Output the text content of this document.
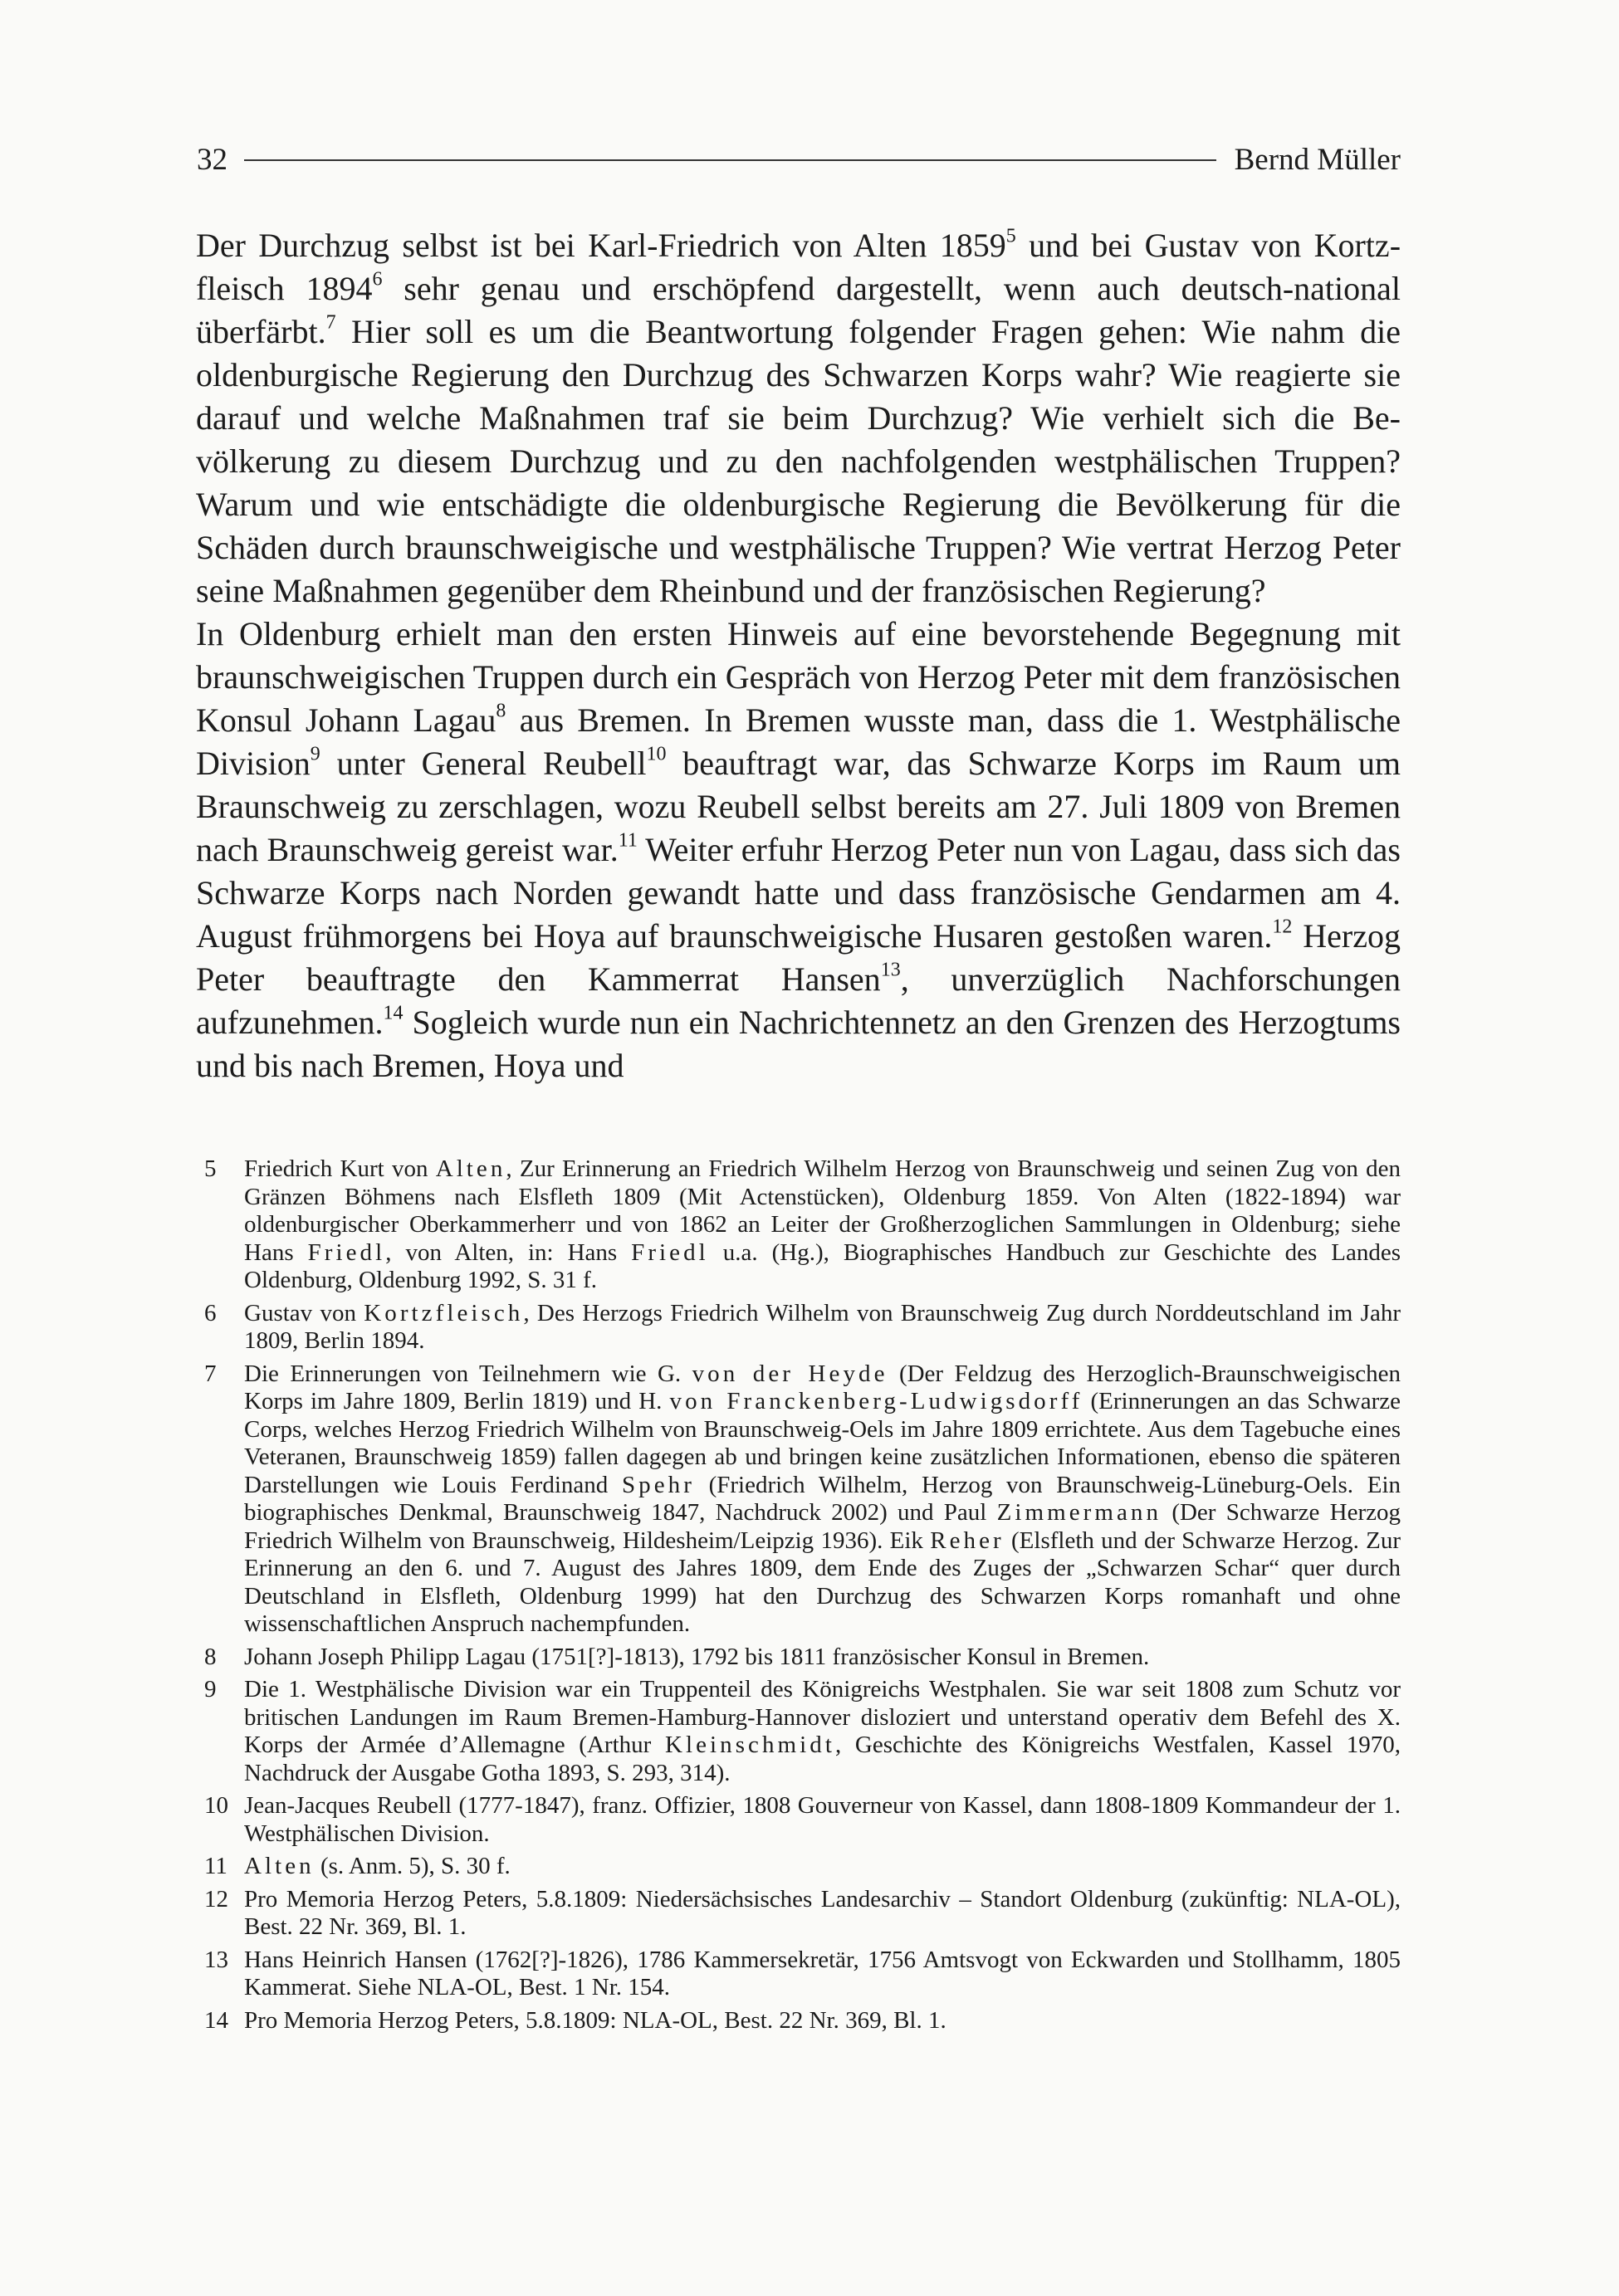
32	Bernd Müller

Der Durchzug selbst ist bei Karl-Friedrich von Alten 1859$^5$ und bei Gustav von Kortzfleisch 1894$^6$ sehr genau und erschöpfend dargestellt, wenn auch deutsch-national überfärbt.$^7$ Hier soll es um die Beantwortung folgender Fragen gehen: Wie nahm die oldenburgische Regierung den Durchzug des Schwarzen Korps wahr? Wie reagierte sie darauf und welche Maßnahmen traf sie beim Durchzug? Wie verhielt sich die Bevölkerung zu diesem Durchzug und zu den nachfolgenden westphälischen Truppen? Warum und wie entschädigte die oldenburgische Regierung die Bevölkerung für die Schäden durch braunschweigische und westphälische Truppen? Wie vertrat Herzog Peter seine Maßnahmen gegenüber dem Rheinbund und der französischen Regierung?

In Oldenburg erhielt man den ersten Hinweis auf eine bevorstehende Begegnung mit braunschweigischen Truppen durch ein Gespräch von Herzog Peter mit dem französischen Konsul Johann Lagau$^8$ aus Bremen. In Bremen wusste man, dass die 1. Westphälische Division$^9$ unter General Reubell$^{10}$ beauftragt war, das Schwarze Korps im Raum um Braunschweig zu zerschlagen, wozu Reubell selbst bereits am 27. Juli 1809 von Bremen nach Braunschweig gereist war.$^{11}$ Weiter erfuhr Herzog Peter nun von Lagau, dass sich das Schwarze Korps nach Norden gewandt hatte und dass französische Gendarmen am 4. August frühmorgens bei Hoya auf braunschweigische Husaren gestoßen waren.$^{12}$ Herzog Peter beauftragte den Kammerrat Hansen$^{13}$, unverzüglich Nachforschungen aufzunehmen.$^{14}$ Sogleich wurde nun ein Nachrichtennetz an den Grenzen des Herzogtums und bis nach Bremen, Hoya und

5	Friedrich Kurt von Alten, Zur Erinnerung an Friedrich Wilhelm Herzog von Braunschweig und seinen Zug von den Gränzen Böhmens nach Elsfleth 1809 (Mit Actenstücken), Oldenburg 1859. Von Alten (1822-1894) war oldenburgischer Oberkammerherr und von 1862 an Leiter der Großherzoglichen Sammlungen in Oldenburg; siehe Hans Friedl, von Alten, in: Hans Friedl u.a. (Hg.), Biographisches Handbuch zur Geschichte des Landes Oldenburg, Oldenburg 1992, S. 31 f.
6	Gustav von Kortzfleisch, Des Herzogs Friedrich Wilhelm von Braunschweig Zug durch Norddeutschland im Jahr 1809, Berlin 1894.
7	Die Erinnerungen von Teilnehmern wie G. von der Heyde (Der Feldzug des Herzoglich-Braunschweigischen Korps im Jahre 1809, Berlin 1819) und H. von Franckenberg-Ludwigsdorff (Erinnerungen an das Schwarze Corps, welches Herzog Friedrich Wilhelm von Braunschweig-Oels im Jahre 1809 errichtete. Aus dem Tagebuche eines Veteranen, Braunschweig 1859) fallen dagegen ab und bringen keine zusätzlichen Informationen, ebenso die späteren Darstellungen wie Louis Ferdinand Spehr (Friedrich Wilhelm, Herzog von Braunschweig-Lüneburg-Oels. Ein biographisches Denkmal, Braunschweig 1847, Nachdruck 2002) und Paul Zimmermann (Der Schwarze Herzog Friedrich Wilhelm von Braunschweig, Hildesheim/Leipzig 1936). Eik Reher (Elsfleth und der Schwarze Herzog. Zur Erinnerung an den 6. und 7. August des Jahres 1809, dem Ende des Zuges der „Schwarzen Schar“ quer durch Deutschland in Elsfleth, Oldenburg 1999) hat den Durchzug des Schwarzen Korps romanhaft und ohne wissenschaftlichen Anspruch nachempfunden.
8	Johann Joseph Philipp Lagau (1751[?]-1813), 1792 bis 1811 französischer Konsul in Bremen.
9	Die 1. Westphälische Division war ein Truppenteil des Königreichs Westphalen. Sie war seit 1808 zum Schutz vor britischen Landungen im Raum Bremen-Hamburg-Hannover disloziert und unterstand operativ dem Befehl des X. Korps der Armée d’Allemagne (Arthur Kleinschmidt, Geschichte des Königreichs Westfalen, Kassel 1970, Nachdruck der Ausgabe Gotha 1893, S. 293, 314).
10 Jean-Jacques Reubell (1777-1847), franz. Offizier, 1808 Gouverneur von Kassel, dann 1808-1809 Kommandeur der 1. Westphälischen Division.
11 Alten (s. Anm. 5), S. 30 f.
12 Pro Memoria Herzog Peters, 5.8.1809: Niedersächsisches Landesarchiv – Standort Oldenburg (zukünftig: NLA-OL), Best. 22 Nr. 369, Bl. 1.
13 Hans Heinrich Hansen (1762[?]-1826), 1786 Kammersekretär, 1756 Amtsvogt von Eckwarden und Stollhamm, 1805 Kammerat. Siehe NLA-OL, Best. 1 Nr. 154.
14 Pro Memoria Herzog Peters, 5.8.1809: NLA-OL, Best. 22 Nr. 369, Bl. 1.
